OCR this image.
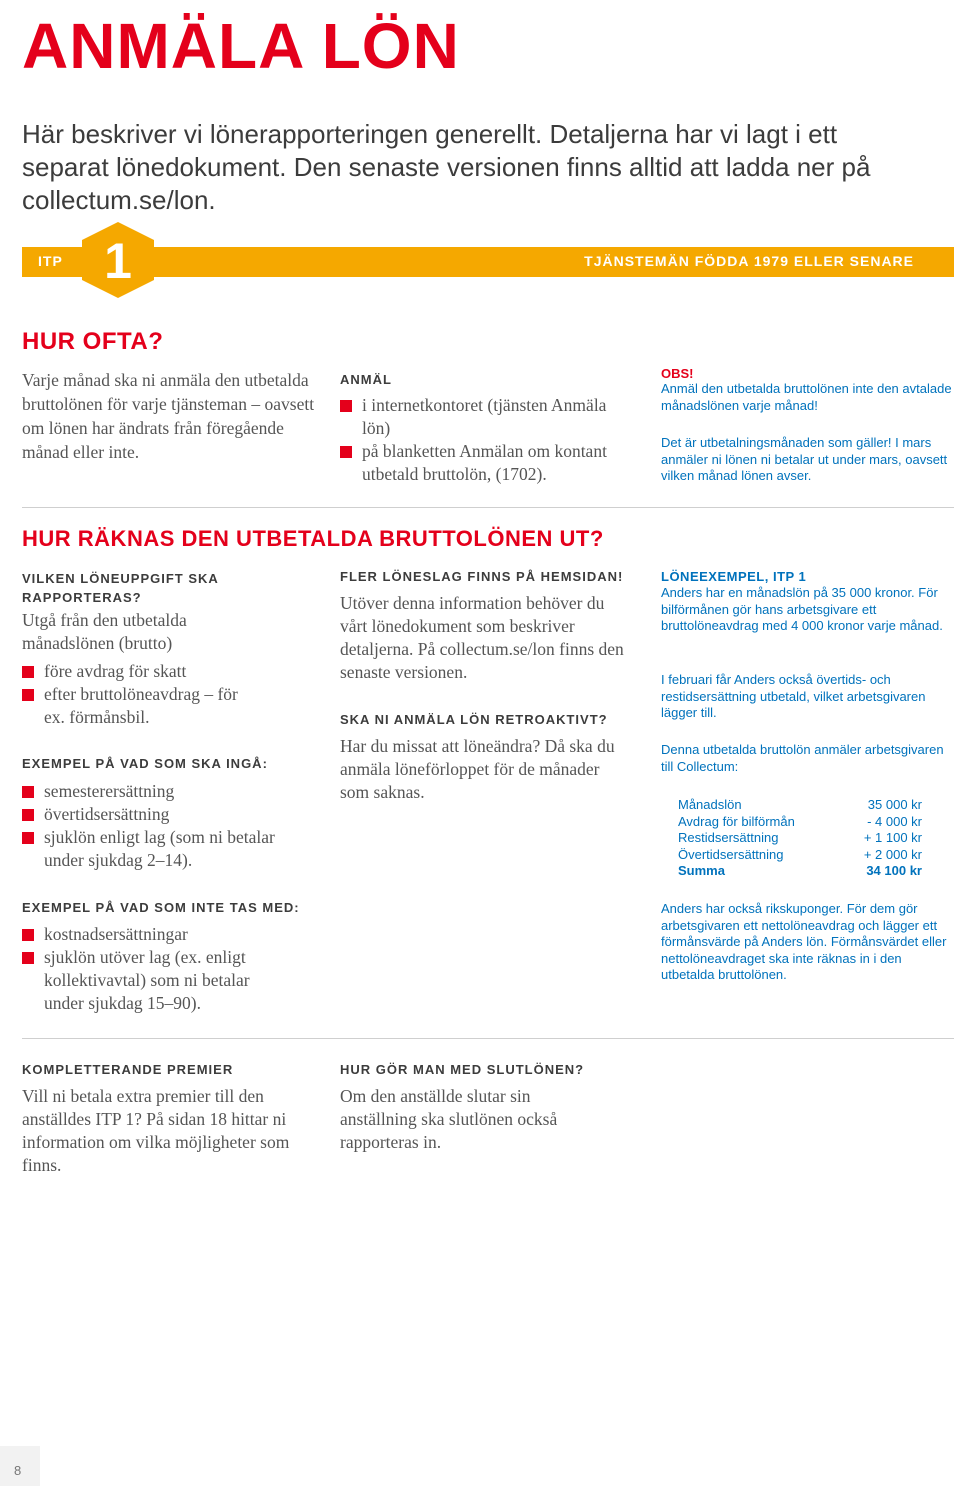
ANMÄLA LÖN
Här beskriver vi lönerapporteringen generellt. Detaljerna har vi lagt i ett separat lönedokument. Den senaste versionen finns alltid att ladda ner på collectum.se/lon.
1
ITP	TJÄNSTEMÄN FÖDDA 1979 ELLER SENARE
HUR OFTA?
Varje månad ska ni anmäla den utbetalda bruttolönen för varje tjänsteman – oavsett om lönen har ändrats från föregående månad eller inte.
ANMÄL
i internetkontoret (tjänsten Anmäla lön)
på blanketten Anmälan om kontant utbetald bruttolön, (1702).
OBS!
Anmäl den utbetalda bruttolönen inte den avtalade månadslönen varje månad!
Det är utbetalningsmånaden som gäller! I mars anmäler ni lönen ni betalar ut under mars, oavsett vilken månad lönen avser.
HUR RÄKNAS DEN UTBETALDA BRUTTOLÖNEN UT?
VILKEN LÖNEUPPGIFT SKA RAPPORTERAS?
Utgå från den utbetalda månadslönen (brutto)
före avdrag för skatt
efter bruttolöneavdrag – för ex. förmånsbil.
EXEMPEL PÅ VAD SOM SKA INGÅ:
semesterersättning
övertidsersättning
sjuklön enligt lag (som ni betalar under sjukdag 2–14).
EXEMPEL PÅ VAD SOM INTE TAS MED:
kostnadsersättningar
sjuklön utöver lag (ex. enligt kollektivavtal) som ni betalar under sjukdag 15–90).
FLER LÖNESLAG FINNS PÅ HEMSIDAN!
Utöver denna information behöver du vårt lönedokument som beskriver detaljerna. På collectum.se/lon finns den senaste versionen.
SKA NI ANMÄLA LÖN RETROAKTIVT?
Har du missat att löneändra? Då ska du anmäla löneförloppet för de månader som saknas.
LÖNEEXEMPEL, ITP 1
Anders har en månadslön på 35 000 kronor. För bilförmånen gör hans arbetsgivare ett bruttolöneavdrag med 4 000 kronor varje månad.
I februari får Anders också övertids- och restidsersättning utbetald, vilket arbetsgivaren lägger till.
Denna utbetalda bruttolön anmäler arbetsgivaren till Collectum:
Månadslön	35 000 kr
Avdrag för bilförmån	- 4 000 kr
Restidsersättning	+ 1 100 kr
Övertidsersättning	+ 2 000 kr
Summa	34 100 kr
Anders har också rikskuponger. För dem gör arbetsgivaren ett nettolöneavdrag och lägger ett förmånsvärde på Anders lön. Förmånsvärdet eller nettolöneavdraget ska inte räknas in i den utbetalda bruttolönen.
KOMPLETTERANDE PREMIER
Vill ni betala extra premier till den anställdes ITP 1? På sidan 18 hittar ni information om vilka möjligheter som finns.
HUR GÖR MAN MED SLUTLÖNEN?
Om den anställde slutar sin anställning ska slutlönen också rapporteras in.
8
